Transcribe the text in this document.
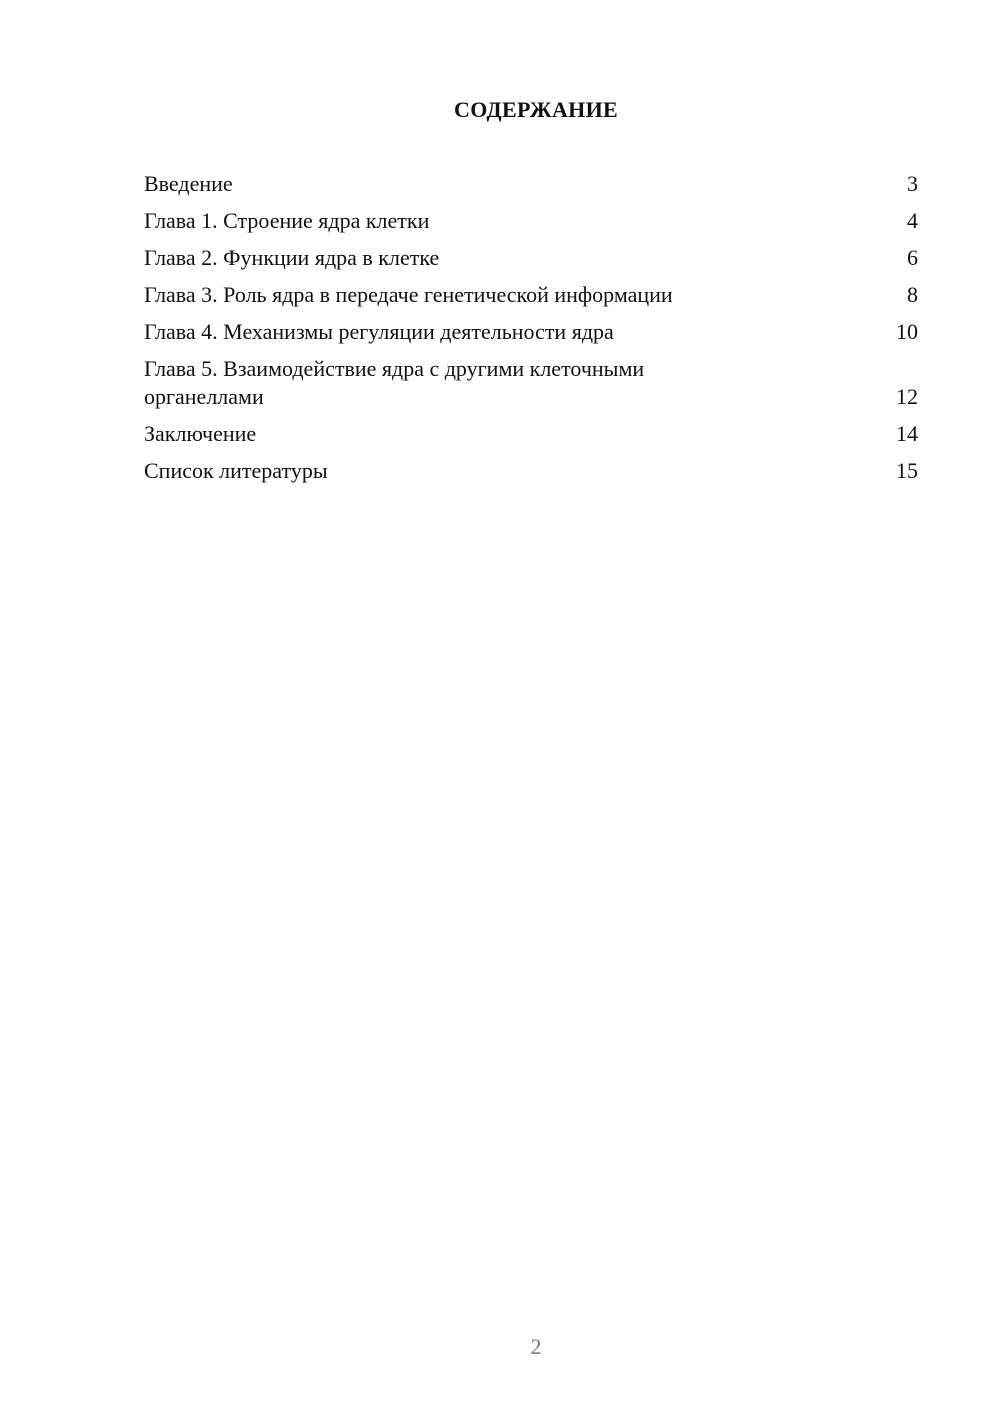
СОДЕРЖАНИЕ
Введение	3
Глава 1. Строение ядра клетки	4
Глава 2. Функции ядра в клетке	6
Глава 3. Роль ядра в передаче генетической информации	8
Глава 4. Механизмы регуляции деятельности ядра	10
Глава 5. Взаимодействие ядра с другими клеточными органеллами	12
Заключение	14
Список литературы	15
2
